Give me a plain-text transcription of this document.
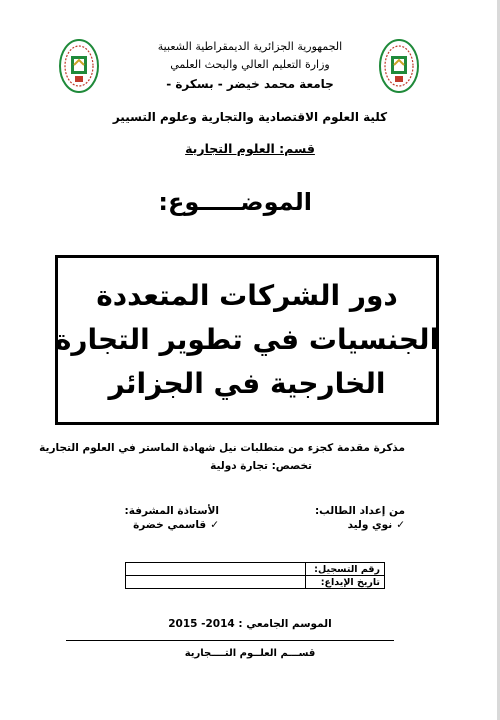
الجمهورية الجزائرية الديمقراطية الشعبية
وزارة التعليم العالي والبحث العلمي
جامعة محمد خيضر - بسكرة -
كلية العلوم الاقتصادية والتجارية وعلوم التسيير
قسم: العلوم التجارية
الموضـــــوع:
دور الشركات المتعددة
الجنسيات في تطوير التجارة
الخارجية في الجزائر
مذكرة مقدمة كجزء من متطلبات نيل شهادة الماستر في العلوم التجارية
تخصص: تجارة دولية
من إعداد الطالب:
✓نوي وليد
الأستاذة المشرفة:
✓قاسمي خضرة
رقم التسجيل:	
تاريخ الإيداع:	
الموسم الجامعي : 2014- 2015
قســـم العلــوم التــــجارية
